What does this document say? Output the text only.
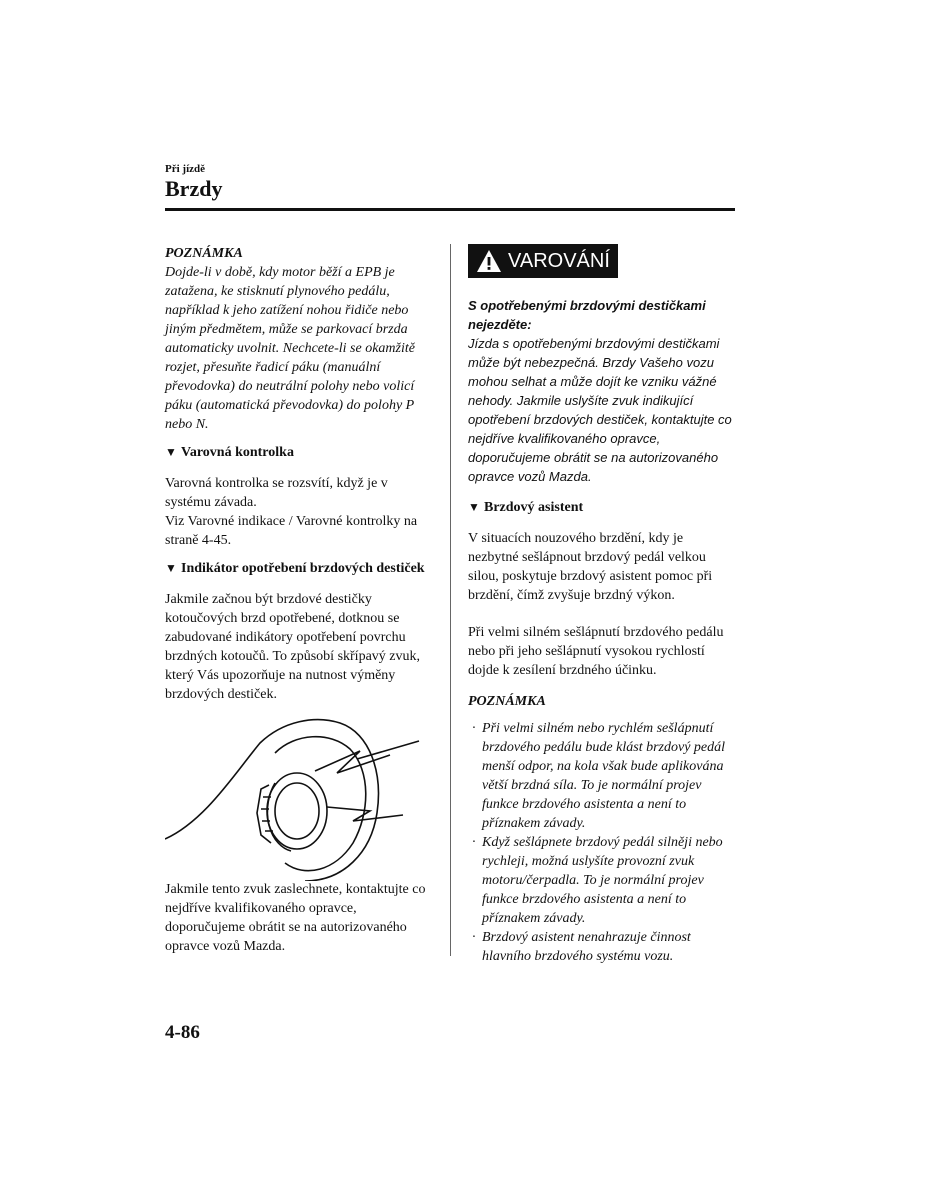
Při jízdě
Brzdy

POZNÁMKA

Dojde-li v době, kdy motor běží a EPB je zatažena, ke stisknutí plynového pedálu, například k jeho zatížení nohou řidiče nebo jiným předmětem, může se parkovací brzda automaticky uvolnit. Nechcete-li se okamžitě rozjet, přesuňte řadicí páku (manuální převodovka) do neutrální polohy nebo volicí páku (automatická převodovka) do polohy P nebo N.

▼ Varovná kontrolka

Varovná kontrolka se rozsvítí, když je v systému závada.

Viz Varovné indikace / Varovné kontrolky na straně 4-45.

▼ Indikátor opotřebení brzdových destiček

Jakmile začnou být brzdové destičky kotoučových brzd opotřebené, dotknou se zabudované indikátory opotřebení povrchu brzdných kotoučů. To způsobí skřípavý zvuk, který Vás upozorňuje na nutnost výměny brzdových destiček.

Jakmile tento zvuk zaslechnete, kontaktujte co nejdříve kvalifikovaného opravce, doporučujeme obrátit se na autorizovaného opravce vozů Mazda.

VAROVÁNÍ

S opotřebenými brzdovými destičkami nejezděte:

Jízda s opotřebenými brzdovými destičkami může být nebezpečná. Brzdy Vašeho vozu mohou selhat a může dojít ke vzniku vážné nehody. Jakmile uslyšíte zvuk indikující opotřebení brzdových destiček, kontaktujte co nejdříve kvalifikovaného opravce, doporučujeme obrátit se na autorizovaného opravce vozů Mazda.

▼ Brzdový asistent

V situacích nouzového brzdění, kdy je nezbytné sešlápnout brzdový pedál velkou silou, poskytuje brzdový asistent pomoc při brzdění, čímž zvyšuje brzdný výkon.

Při velmi silném sešlápnutí brzdového pedálu nebo při jeho sešlápnutí vysokou rychlostí dojde k zesílení brzdného účinku.

POZNÁMKA

· Při velmi silném nebo rychlém sešlápnutí brzdového pedálu bude klást brzdový pedál menší odpor, na kola však bude aplikována větší brzdná síla. To je normální projev funkce brzdového asistenta a není to příznakem závady.
· Když sešlápnete brzdový pedál silněji nebo rychleji, možná uslyšíte provozní zvuk motoru/čerpadla. To je normální projev funkce brzdového asistenta a není to příznakem závady.
· Brzdový asistent nenahrazuje činnost hlavního brzdového systému vozu.
4-86
